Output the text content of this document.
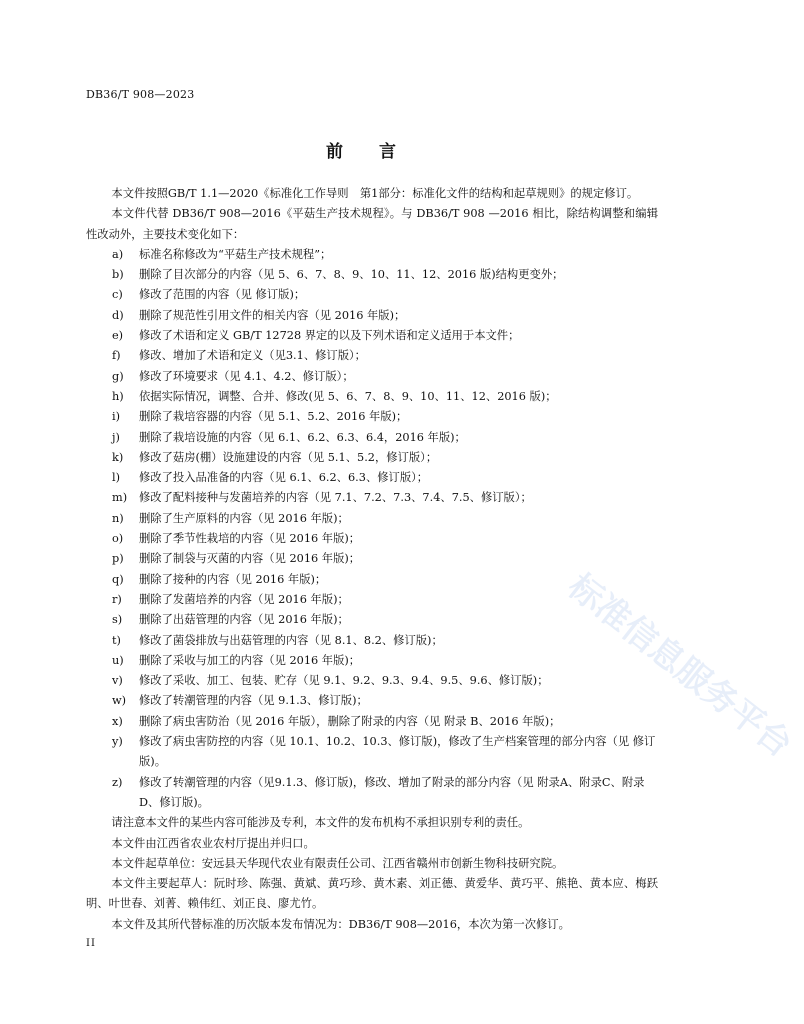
DB36/T 908—2023
前 言
本文件按照GB/T 1.1—2020《标准化工作导则　第1部分：标准化文件的结构和起草规则》的规定修订。
本文件代替 DB36/T 908—2016《平菇生产技术规程》。与 DB36/T 908 —2016 相比，除结构调整和编辑性改动外，主要技术变化如下：
a)	标准名称修改为“平菇生产技术规程”；
b)	删除了目次部分的内容（见 5、6、7、8、9、10、11、12、2016 版)结构更变外；
c)	修改了范围的内容（见 修订版)；
d)	删除了规范性引用文件的相关内容（见 2016 年版)；
e)	修改了术语和定义 GB/T 12728 界定的以及下列术语和定义适用于本文件；
f)	修改、增加了术语和定义（见3.1、修订版）；
g)	修改了环境要求（见 4.1、4.2、修订版）；
h)	依据实际情况，调整、合并、修改(见 5、6、7、8、9、10、11、12、2016 版)；
i)	删除了栽培容器的内容（见 5.1、5.2、2016 年版)；
j)	删除了栽培设施的内容（见 6.1、6.2、6.3、6.4，2016 年版)；
k)	修改了菇房(棚）设施建设的内容（见 5.1、5.2，修订版）；
l)	修改了投入品准备的内容（见 6.1、6.2、6.3、修订版）；
m)	修改了配料接种与发菌培养的内容（见 7.1、7.2、7.3、7.4、7.5、修订版）；
n)	删除了生产原料的内容（见 2016 年版)；
o)	删除了季节性栽培的内容（见 2016 年版)；
p)	删除了制袋与灭菌的内容（见 2016 年版)；
q)	删除了接种的内容（见 2016 年版)；
r)	删除了发菌培养的内容（见 2016 年版)；
s)	删除了出菇管理的内容（见 2016 年版)；
t)	修改了菌袋排放与出菇管理的内容（见 8.1、8.2、修订版)；
u)	删除了采收与加工的内容（见 2016 年版)；
v)	修改了采收、加工、包装、贮存（见 9.1、9.2、9.3、9.4、9.5、9.6、修订版)；
w)	修改了转潮管理的内容（见 9.1.3、修订版)；
x)	删除了病虫害防治（见 2016 年版），删除了附录的内容（见 附录 B、2016 年版)；
y)	修改了病虫害防控的内容（见 10.1、10.2、10.3、修订版)，修改了生产档案管理的部分内容（见 修订版)。
z)	修改了转潮管理的内容（见9.1.3、修订版)，修改、增加了附录的部分内容（见 附录A、附录C、附录D、修订版)。
请注意本文件的某些内容可能涉及专利，本文件的发布机构不承担识别专利的责任。
本文件由江西省农业农村厅提出并归口。
本文件起草单位：安远县天华现代农业有限责任公司、江西省赣州市创新生物科技研究院。
本文件主要起草人：阮时珍、陈强、黄斌、黄巧珍、黄木素、刘正德、黄爱华、黄巧平、熊艳、黄本应、梅跃明、叶世春、刘菁、赖伟红、刘正良、廖尤竹。
本文件及其所代替标准的历次版本发布情况为：DB36/T 908—2016，本次为第一次修订。
II
标准信息服务平台
